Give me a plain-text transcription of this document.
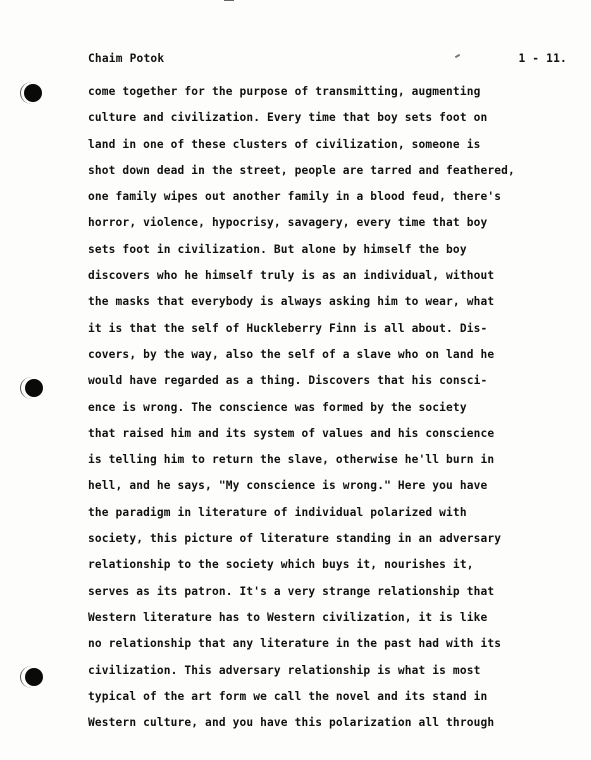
Chaim Potok	1 - 11.
come together for the purpose of transmitting, augmenting
culture and civilization. Every time that boy sets foot on
land in one of these clusters of civilization, someone is
shot down dead in the street, people are tarred and feathered,
one family wipes out another family in a blood feud, there's
horror, violence, hypocrisy, savagery, every time that boy
sets foot in civilization. But alone by himself the boy
discovers who he himself truly is as an individual, without
the masks that everybody is always asking him to wear, what
it is that the self of Huckleberry Finn is all about. Dis-
covers, by the way, also the self of a slave who on land he
would have regarded as a thing. Discovers that his consci-
ence is wrong. The conscience was formed by the society
that raised him and its system of values and his conscience
is telling him to return the slave, otherwise he'll burn in
hell, and he says, "My conscience is wrong." Here you have
the paradigm in literature of individual polarized with
society, this picture of literature standing in an adversary
relationship to the society which buys it, nourishes it,
serves as its patron. It's a very strange relationship that
Western literature has to Western civilization, it is like
no relationship that any literature in the past had with its
civilization. This adversary relationship is what is most
typical of the art form we call the novel and its stand in
Western culture, and you have this polarization all through
